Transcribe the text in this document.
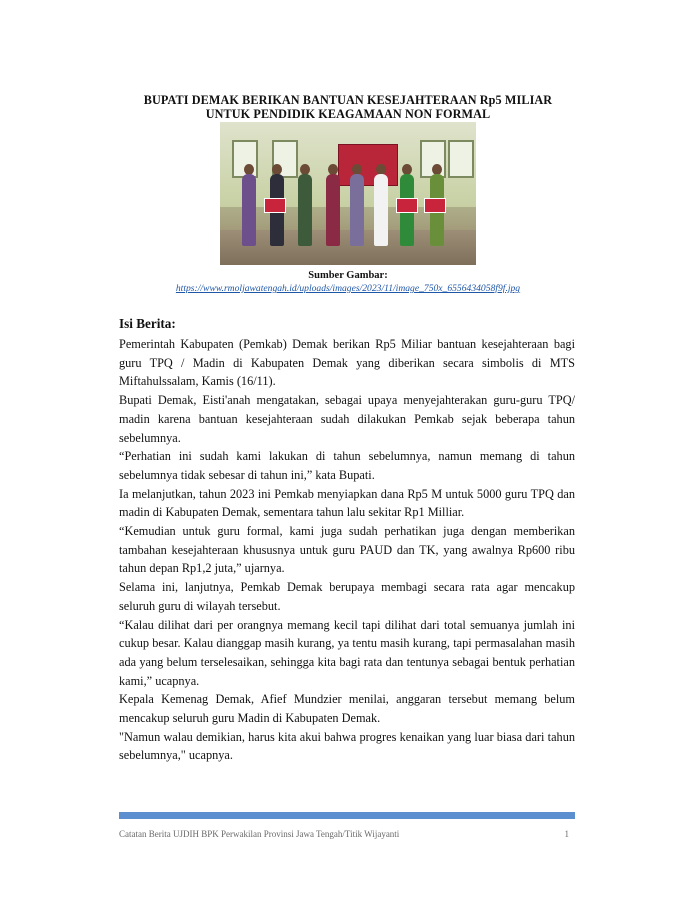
BUPATI DEMAK BERIKAN BANTUAN KESEJAHTERAAN Rp5 MILIAR
UNTUK PENDIDIK KEAGAMAAN NON FORMAL
Sumber Gambar:
https://www.rmoljawatengah.id/uploads/images/2023/11/image_750x_6556434058f9f.jpg
Isi Berita:

Pemerintah Kabupaten (Pemkab) Demak berikan Rp5 Miliar bantuan kesejahteraan bagi guru TPQ / Madin di Kabupaten Demak yang diberikan secara simbolis di MTS Miftahulssalam, Kamis (16/11).

Bupati Demak, Eisti'anah mengatakan, sebagai upaya menyejahterakan guru-guru TPQ/ madin karena bantuan kesejahteraan sudah dilakukan Pemkab sejak beberapa tahun sebelumnya.

“Perhatian ini sudah kami lakukan di tahun sebelumnya, namun memang di tahun sebelumnya tidak sebesar di tahun ini,” kata Bupati.

Ia melanjutkan, tahun 2023 ini Pemkab menyiapkan dana Rp5 M untuk 5000 guru TPQ dan madin di Kabupaten Demak, sementara tahun lalu sekitar Rp1 Milliar.

“Kemudian untuk guru formal, kami juga sudah perhatikan juga dengan memberikan tambahan kesejahteraan khususnya untuk guru PAUD dan TK, yang awalnya Rp600 ribu tahun depan Rp1,2 juta,” ujarnya.

Selama ini, lanjutnya, Pemkab Demak berupaya membagi secara rata agar mencakup seluruh guru di wilayah tersebut.

“Kalau dilihat dari per orangnya memang kecil tapi dilihat dari total semuanya jumlah ini cukup besar. Kalau dianggap masih kurang, ya tentu masih kurang, tapi permasalahan masih ada yang belum terselesaikan, sehingga kita bagi rata dan tentunya sebagai bentuk perhatian kami,” ucapnya.

Kepala Kemenag Demak, Afief Mundzier menilai, anggaran tersebut memang belum mencakup seluruh guru Madin di Kabupaten Demak.

"Namun walau demikian, harus kita akui bahwa progres kenaikan yang luar biasa dari tahun sebelumnya," ucapnya.

Catatan Berita UJDIH BPK Perwakilan Provinsi Jawa Tengah/Titik Wijayanti	1
